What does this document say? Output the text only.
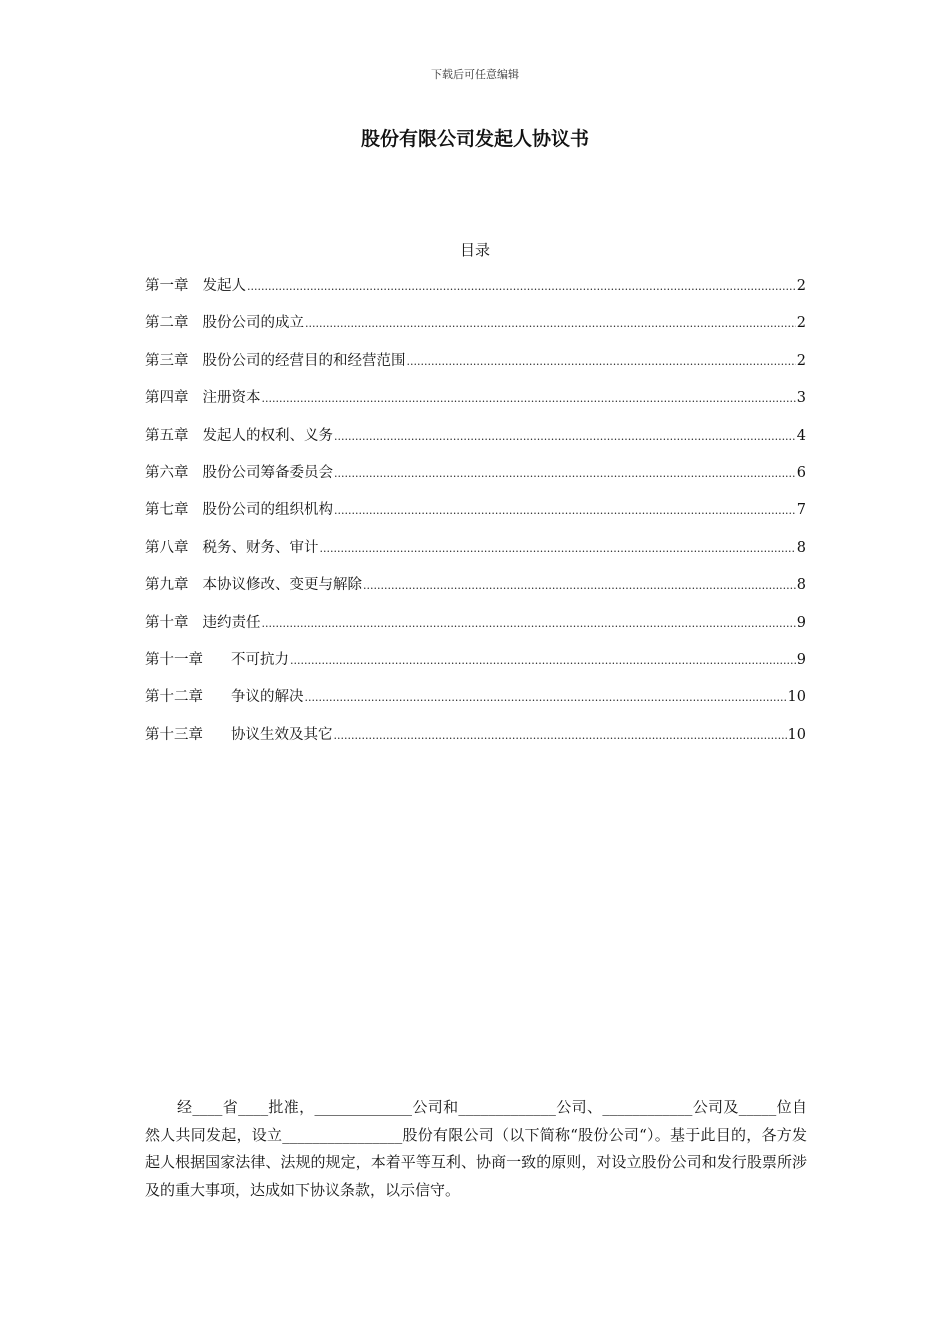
下载后可任意编辑
股份有限公司发起人协议书
目录
第一章 发起人 .....	2
第二章 股份公司的成立 .....	2
第三章 股份公司的经营目的和经营范围 .....	2
第四章 注册资本 .....	3
第五章 发起人的权利、义务 .....	4
第六章 股份公司筹备委员会 .....	6
第七章 股份公司的组织机构 .....	7
第八章 税务、财务、审计 .....	8
第九章 本协议修改、变更与解除 .....	8
第十章 违约责任 .....	9
第十一章 不可抗力 .....	9
第十二章 争议的解决 .....	10
第十三章 协议生效及其它 .....	10

经____省____批准，_____________公司和_____________公司、____________公司及_____位自然人共同发起，设立________________股份有限公司（以下简称“股份公司“）。基于此目的，各方发起人根据国家法律、法规的规定，本着平等互利、协商一致的原则，对设立股份公司和发行股票所涉及的重大事项，达成如下协议条款，以示信守。
